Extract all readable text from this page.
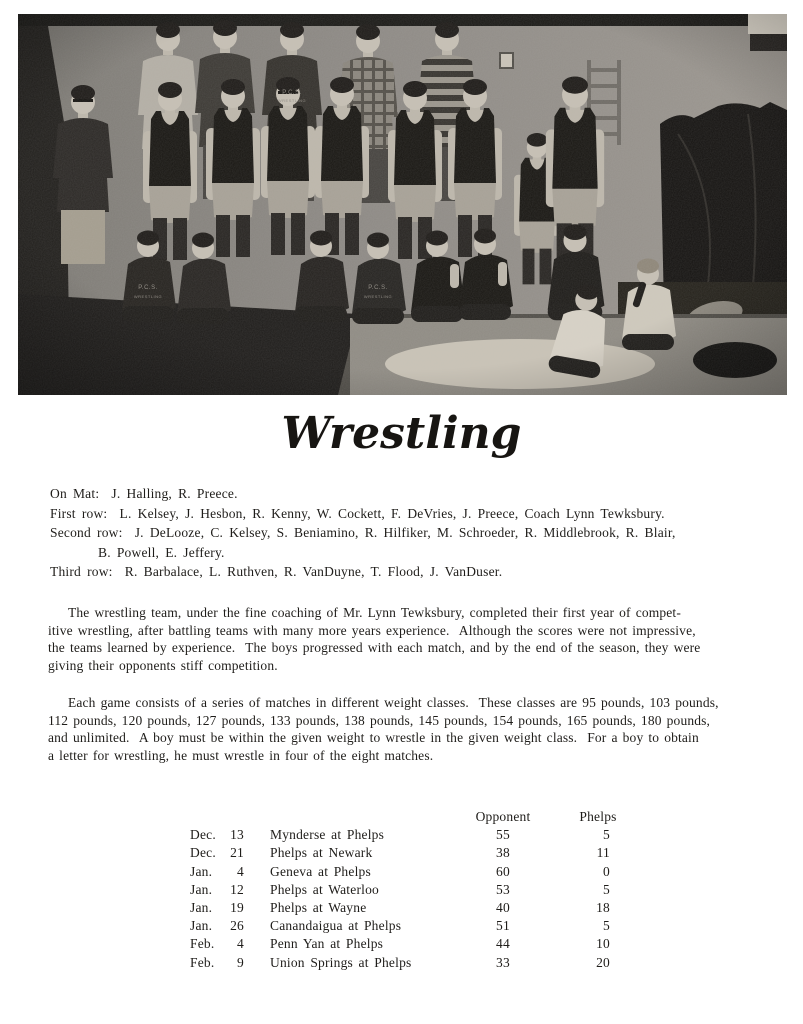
Wrestling

On Mat:  J. Halling, R. Preece.

First row:  L. Kelsey, J. Hesbon, R. Kenny, W. Cockett, F. DeVries, J. Preece, Coach Lynn Tewksbury.

Second row:  J. DeLooze, C. Kelsey, S. Beniamino, R. Hilfiker, M. Schroeder, R. Middlebrook, R. Blair,

B. Powell, E. Jeffery.

Third row:  R. Barbalace, L. Ruthven, R. VanDuyne, T. Flood, J. VanDuser.

The wrestling team, under the fine coaching of Mr. Lynn Tewksbury, completed their first year of compet-
itive wrestling, after battling teams with many more years experience.  Although the scores were not impressive,
the teams learned by experience.  The boys progressed with each match, and by the end of the season, they were
giving their opponents stiff competition.
Each game consists of a series of matches in different weight classes.  These classes are 95 pounds, 103 pounds,
112 pounds, 120 pounds, 127 pounds, 133 pounds, 138 pounds, 145 pounds, 154 pounds, 165 pounds, 180 pounds,
and unlimited.  A boy must be within the given weight to wrestle in the given weight class.  For a boy to obtain
a letter for wrestling, he must wrestle in four of the eight matches.
Opponent	Phelps
Dec. 13	Mynderse at Phelps	55	5
Dec. 21	Phelps at Newark	38	11
Jan. 4	Geneva at Phelps	60	0
Jan. 12	Phelps at Waterloo	53	5
Jan. 19	Phelps at Wayne	40	18
Jan. 26	Canandaigua at Phelps	51	5
Feb. 4	Penn Yan at Phelps	44	10
Feb. 9	Union Springs at Phelps	33	20
